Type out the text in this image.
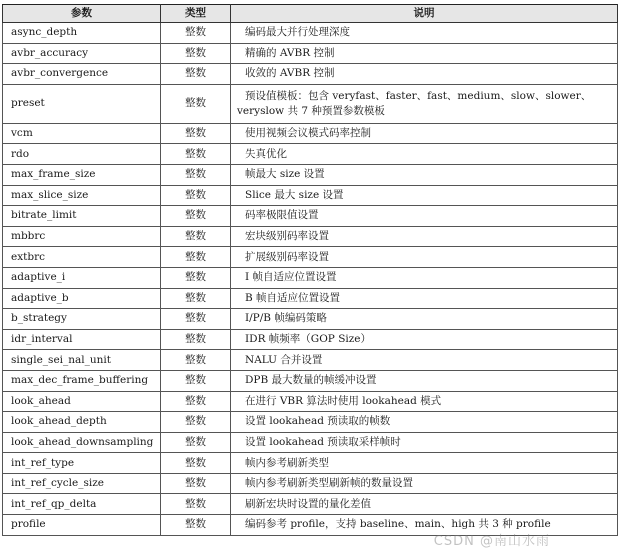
参数	类型	说明
async_depth	整数	编码最大并行处理深度
avbr_accuracy	整数	精确的 AVBR 控制
avbr_convergence	整数	收敛的 AVBR 控制
preset	整数	预设值模板：包含 veryfast、faster、fast、medium、slow、slower、veryslow 共 7 种预置参数模板
vcm	整数	使用视频会议模式码率控制
rdo	整数	失真优化
max_frame_size	整数	帧最大 size 设置
max_slice_size	整数	Slice 最大 size 设置
bitrate_limit	整数	码率极限值设置
mbbrc	整数	宏块级别码率设置
extbrc	整数	扩展级别码率设置
adaptive_i	整数	I 帧自适应位置设置
adaptive_b	整数	B 帧自适应位置设置
b_strategy	整数	I/P/B 帧编码策略
idr_interval	整数	IDR 帧频率（GOP Size）
single_sei_nal_unit	整数	NALU 合并设置
max_dec_frame_buffering	整数	DPB 最大数量的帧缓冲设置
look_ahead	整数	在进行 VBR 算法时使用 lookahead 模式
look_ahead_depth	整数	设置 lookahead 预读取的帧数
look_ahead_downsampling	整数	设置 lookahead 预读取采样帧时
int_ref_type	整数	帧内参考刷新类型
int_ref_cycle_size	整数	帧内参考刷新类型刷新帧的数量设置
int_ref_qp_delta	整数	刷新宏块时设置的量化差值
profile	整数	编码参考 profile，支持 baseline、main、high 共 3 种 profile
CSDN @南山水雨
